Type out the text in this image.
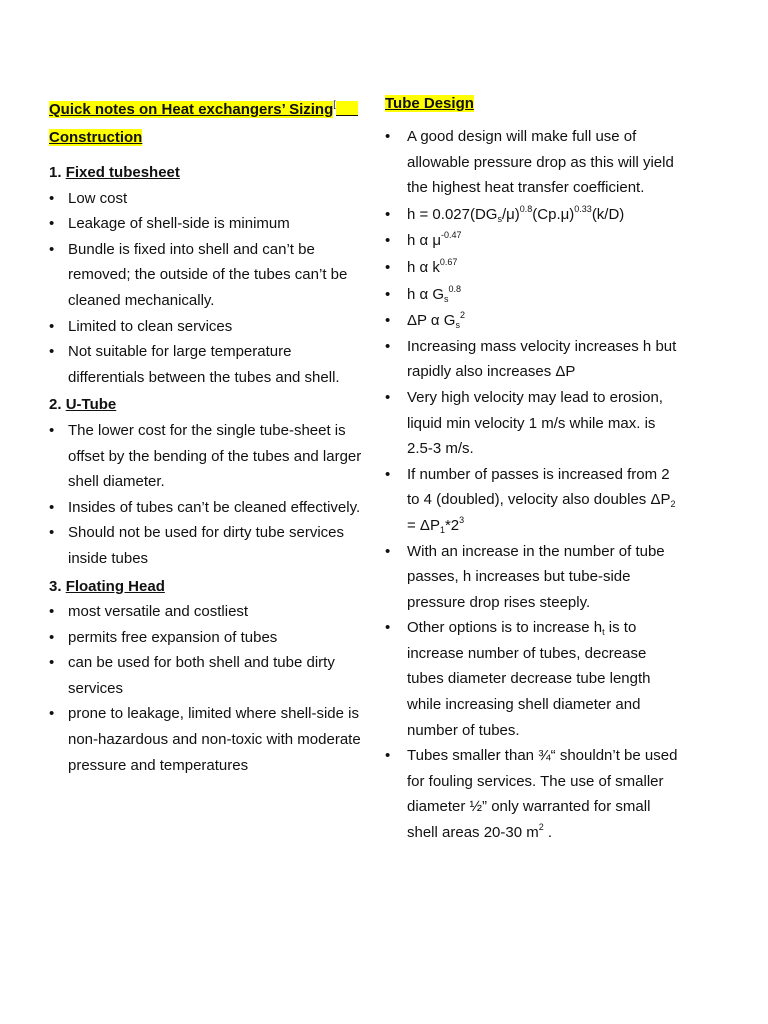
Quick notes on Heat exchangers’ Sizing[
Construction
1. Fixed tubesheet
• Low cost
• Leakage of shell-side is minimum
• Bundle is fixed into shell and can’t be removed; the outside of the tubes can’t be cleaned mechanically.
• Limited to clean services
• Not suitable for large temperature differentials between the tubes and shell.
2. U-Tube
• The lower cost for the single tube-sheet is offset by the bending of the tubes and larger shell diameter.
• Insides of tubes can’t be cleaned effectively.
• Should not be used for dirty tube services inside tubes
3. Floating Head
• most versatile and costliest
• permits free expansion of tubes
• can be used for both shell and tube dirty services
• prone to leakage, limited where shell-side is non-hazardous and non-toxic with moderate pressure and temperatures
Tube Design
• A good design will make full use of allowable pressure drop as this will yield the highest heat transfer coefficient.
• $h = 0.027(DG_s/\mu)^{0.8}(Cp.\mu)^{0.33}(k/D)$
• h α $\mu^{-0.47}$
• h α $k^{0.67}$
• h α $G_s^{0.8}$
• ΔP α $G_s^2$
• Increasing mass velocity increases h but rapidly also increases ΔP
• Very high velocity may lead to erosion, liquid min velocity 1 m/s while max. is 2.5-3 m/s.
• If number of passes is increased from 2 to 4 (doubled), velocity also doubles $\Delta P_2 = \Delta P_1*2^3$
• With an increase in the number of tube passes, h increases but tube-side pressure drop rises steeply.
• Other options is to increase $h_t$ is to increase number of tubes, decrease tubes diameter decrease tube length while increasing shell diameter and number of tubes.
• Tubes smaller than ¾“ shouldn’t be used for fouling services. The use of smaller diameter ½” only warranted for small shell areas 20-30 $m^2$ .
